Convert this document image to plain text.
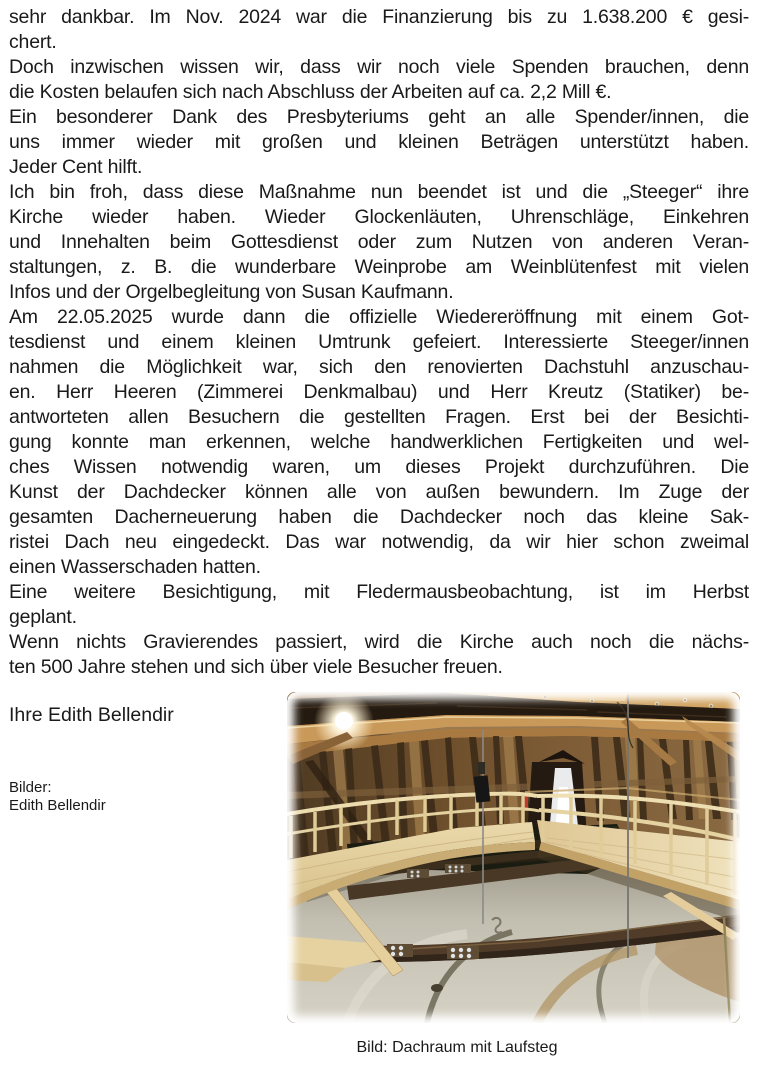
sehr dankbar. Im Nov. 2024 war die Finanzierung bis zu 1.638.200 € gesi-
chert.
Doch inzwischen wissen wir, dass wir noch viele Spenden brauchen, denn
die Kosten belaufen sich nach Abschluss der Arbeiten auf ca. 2,2 Mill €.
Ein besonderer Dank des Presbyteriums geht an alle Spender/innen, die
uns immer wieder mit großen und kleinen Beträgen unterstützt haben.
Jeder Cent hilft.
Ich bin froh, dass diese Maßnahme nun beendet ist und die „Steeger“ ihre
Kirche wieder haben. Wieder Glockenläuten, Uhrenschläge, Einkehren
und Innehalten beim Gottesdienst oder zum Nutzen von anderen Veran-
staltungen, z. B. die wunderbare Weinprobe am Weinblütenfest mit vielen
Infos und der Orgelbegleitung von Susan Kaufmann.
Am 22.05.2025 wurde dann die offizielle Wiedereröffnung mit einem Got-
tesdienst und einem kleinen Umtrunk gefeiert. Interessierte Steeger/innen
nahmen die Möglichkeit war, sich den renovierten Dachstuhl anzuschau-
en. Herr Heeren (Zimmerei Denkmalbau) und Herr Kreutz (Statiker) be-
antworteten allen Besuchern die gestellten Fragen. Erst bei der Besichti-
gung konnte man erkennen, welche handwerklichen Fertigkeiten und wel-
ches Wissen notwendig waren, um dieses Projekt durchzuführen. Die
Kunst der Dachdecker können alle von außen bewundern. Im Zuge der
gesamten Dacherneuerung haben die Dachdecker noch das kleine Sak-
ristei Dach neu eingedeckt. Das war notwendig, da wir hier schon zweimal
einen Wasserschaden hatten.
Eine weitere Besichtigung, mit Fledermausbeobachtung, ist im Herbst
geplant.
Wenn nichts Gravierendes passiert, wird die Kirche auch noch die nächs-
ten 500 Jahre stehen und sich über viele Besucher freuen.
Ihre Edith Bellendir
Bilder:
Edith Bellendir
Bild: Dachraum mit Laufsteg
